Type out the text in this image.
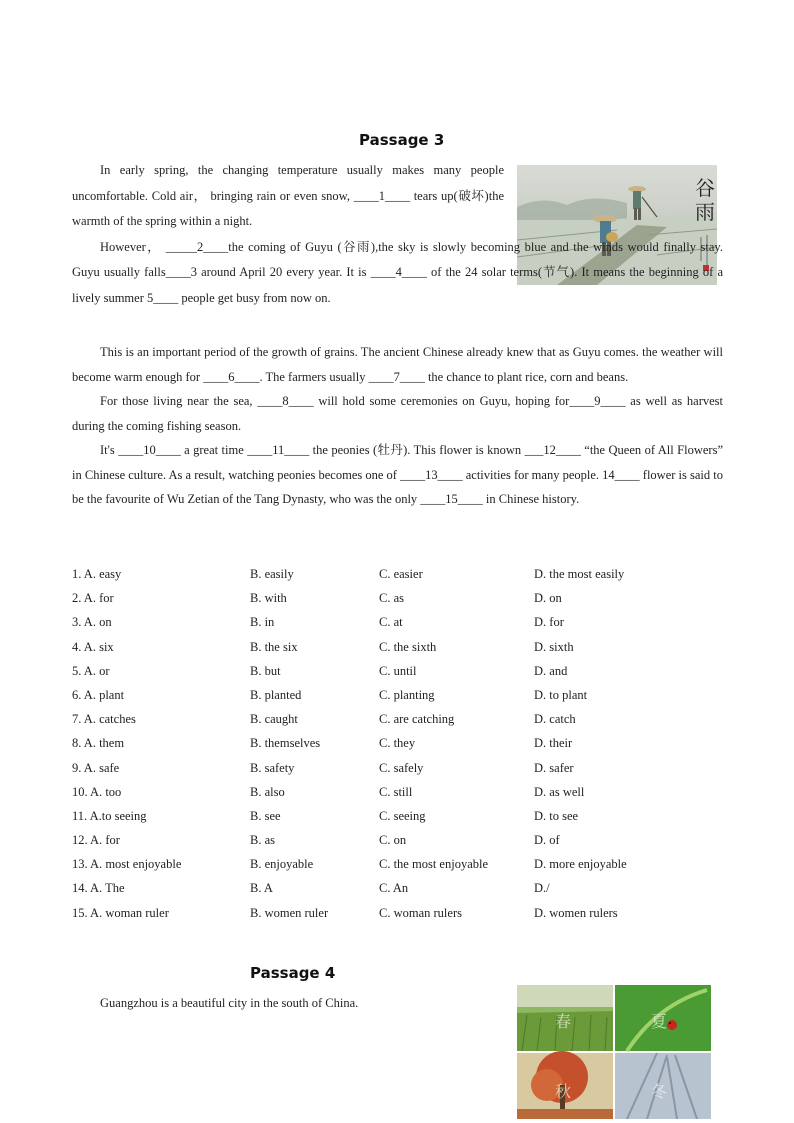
Passage 3
谷
雨

In early spring, the changing temperature usually makes many people uncomfortable. Cold air， bringing rain or even snow, ____1____ tears up(破坏)the warmth of the spring within a night.

However， _____2____the coming of Guyu (谷雨),the sky is slowly becoming blue and the winds would finally stay. Guyu usually falls____3 around April 20 every year. It is ____4____ of the 24 solar terms(节气). It means the beginning of a lively summer 5____ people get busy from now on.

This is an important period of the growth of grains. The ancient Chinese already knew that as Guyu comes. the weather will become warm enough for ____6____. The farmers usually ____7____ the chance to plant rice, corn and beans.

For those living near the sea, ____8____ will hold some ceremonies on Guyu, hoping for____9____ as well as harvest during the coming fishing season.

It's ____10____ a great time ____11____ the peonies (牡丹). This flower is known ___12____ “the Queen of All Flowers” in Chinese culture. As a result, watching peonies becomes one of ____13____ activities for many people. 14____ flower is said to be the favourite of Wu Zetian of the Tang Dynasty, who was the only ____15____ in Chinese history.

1. A. easy	B. easily	C. easier	D. the most easily
2. A. for	B. with	C. as	D. on
3. A. on	B. in	C. at	D. for
4. A. six	B. the six	C. the sixth	D. sixth
5. A. or	B. but	C. until	D. and
6. A. plant	B. planted	C. planting	D. to plant
7. A. catches	B. caught	C. are catching	D. catch
8. A. them	B. themselves	C. they	D. their
9. A. safe	B. safety	C. safely	D. safer
10. A. too	B. also	C. still	D. as well
11. A.to seeing	B. see	C. seeing	D. to see
12. A. for	B. as	C. on	D. of
13. A. most enjoyable	B. enjoyable	C. the most enjoyable	D. more enjoyable
14. A. The	B. A	C. An	D./
15. A. woman ruler	B. women ruler	C. woman rulers	D. women rulers
Passage 4
Guangzhou is a beautiful city in the south of China.
春	夏
秋	冬
